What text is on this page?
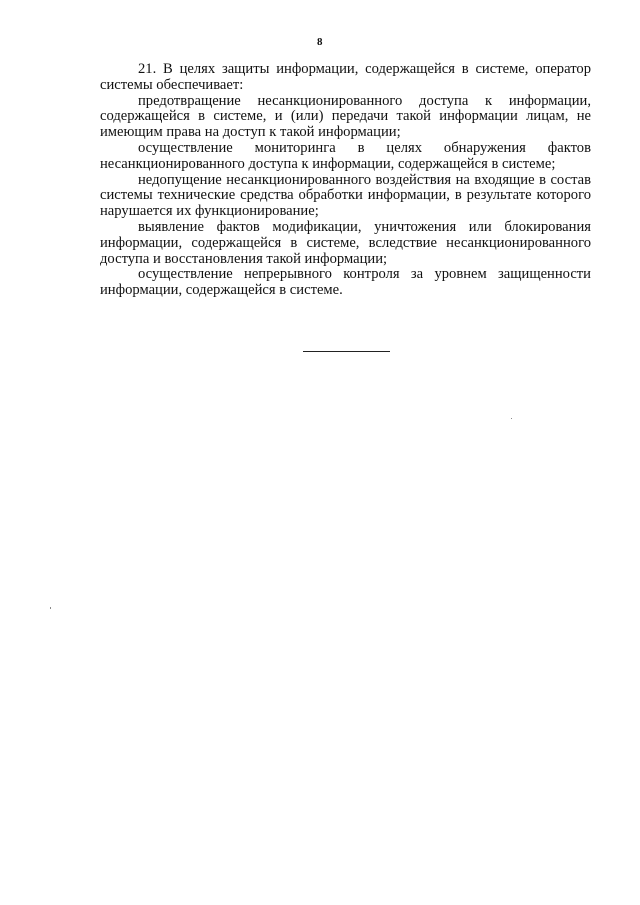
8

21. В целях защиты информации, содержащейся в системе, оператор системы обеспечивает:

предотвращение несанкционированного доступа к информации, содержащейся в системе, и (или) передачи такой информации лицам, не имеющим права на доступ к такой информации;

осуществление мониторинга в целях обнаружения фактов несанкционированного доступа к информации, содержащейся в системе;

недопущение несанкционированного воздействия на входящие в состав системы технические средства обработки информации, в результате которого нарушается их функционирование;

выявление фактов модификации, уничтожения или блокирования информации, содержащейся в системе, вследствие несанкционированного доступа и восстановления такой информации;

осуществление непрерывного контроля за уровнем защищенности информации, содержащейся в системе.
